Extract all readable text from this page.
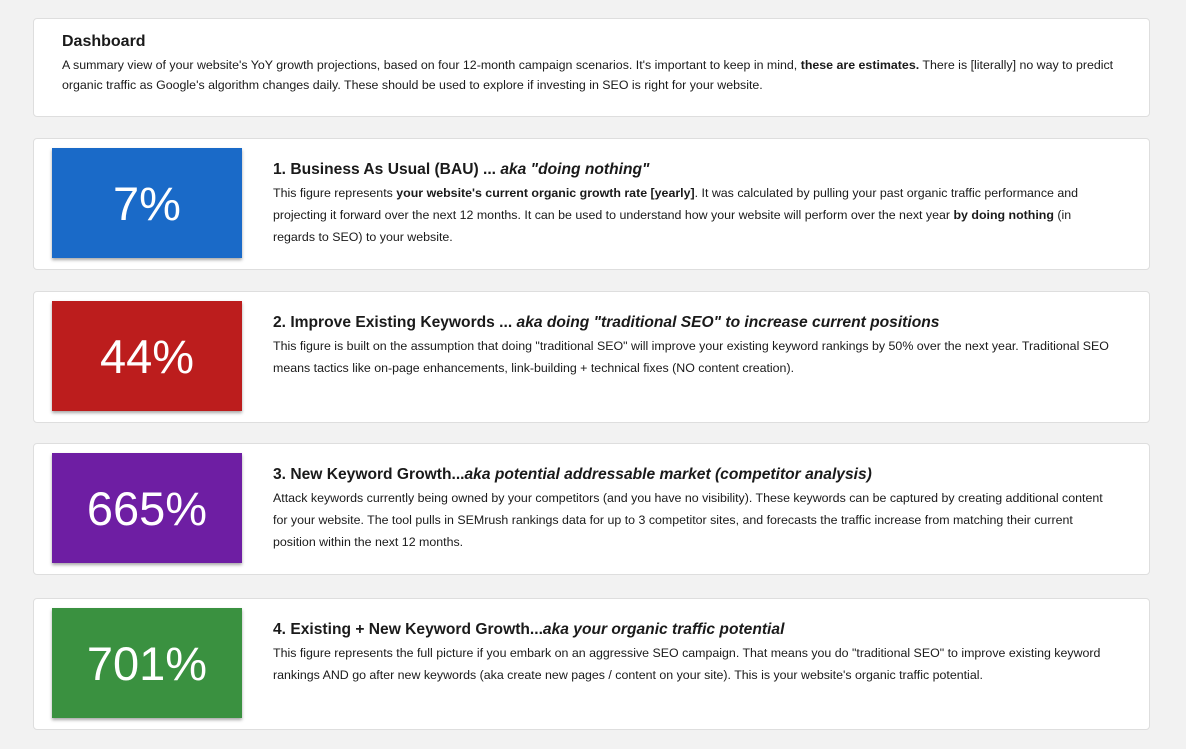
Dashboard

A summary view of your website's YoY growth projections, based on four 12-month campaign scenarios. It's important to keep in mind, these are estimates. There is [literally] no way to predict organic traffic as Google's algorithm changes daily. These should be used to explore if investing in SEO is right for your website.

7%
1. Business As Usual (BAU) ... aka "doing nothing"

This figure represents your website's current organic growth rate [yearly]. It was calculated by pulling your past organic traffic performance and projecting it forward over the next 12 months. It can be used to understand how your website will perform over the next year by doing nothing (in regards to SEO) to your website.

44%
2. Improve Existing Keywords ... aka doing "traditional SEO" to increase current positions

This figure is built on the assumption that doing "traditional SEO" will improve your existing keyword rankings by 50% over the next year. Traditional SEO means tactics like on-page enhancements, link-building + technical fixes (NO content creation).

665%
3. New Keyword Growth...aka potential addressable market (competitor analysis)

Attack keywords currently being owned by your competitors (and you have no visibility). These keywords can be captured by creating additional content for your website. The tool pulls in SEMrush rankings data for up to 3 competitor sites, and forecasts the traffic increase from matching their current position within the next 12 months.

701%
4. Existing + New Keyword Growth...aka your organic traffic potential

This figure represents the full picture if you embark on an aggressive SEO campaign. That means you do "traditional SEO" to improve existing keyword rankings AND go after new keywords (aka create new pages / content on your site). This is your website's organic traffic potential.
